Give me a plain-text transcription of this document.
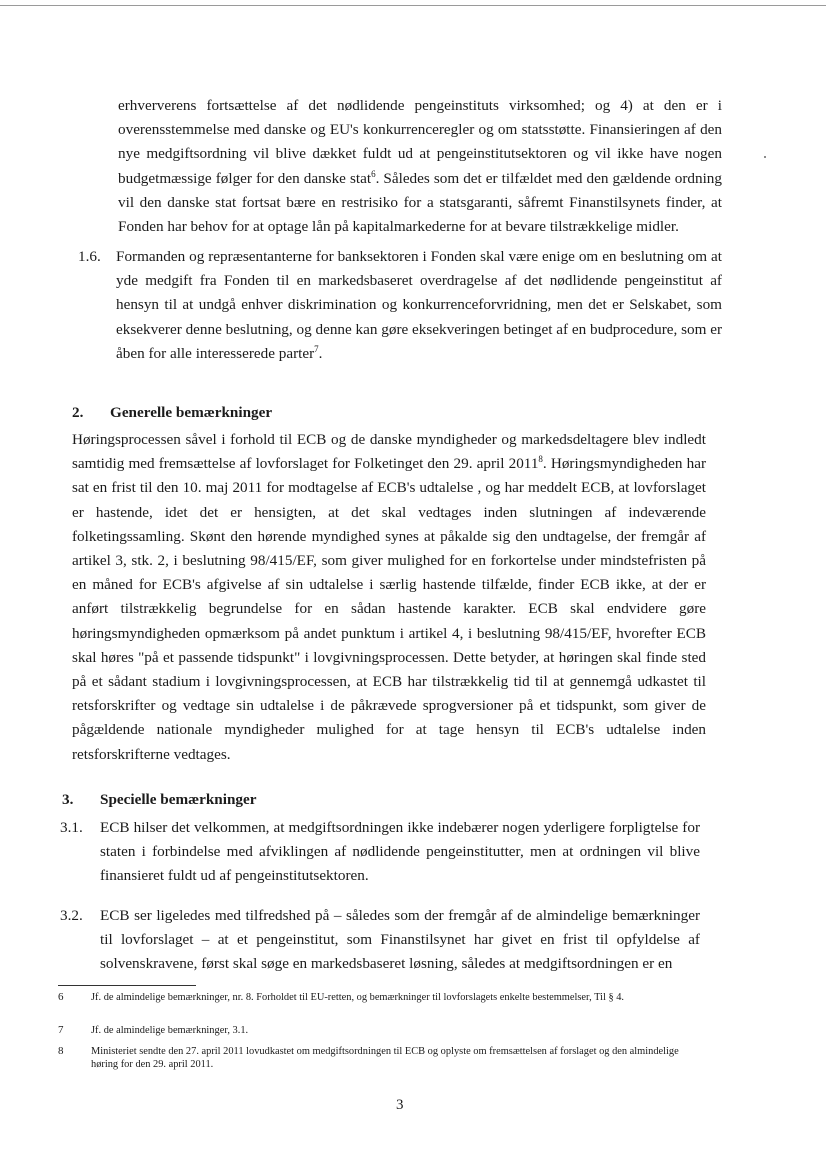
erhververens fortsættelse af det nødlidende pengeinstituts virksomhed; og 4) at den er i overensstemmelse med danske og EU's konkurrenceregler og om statsstøtte. Finansieringen af den nye medgiftsordning vil blive dækket fuldt ud at pengeinstitutsektoren og vil ikke have nogen budgetmæssige følger for den danske stat$^6$. Således som det er tilfældet med den gældende ordning vil den danske stat fortsat bære en restrisiko for a statsgaranti, såfremt Finanstilsynets finder, at Fonden har behov for at optage lån på kapitalmarkederne for at bevare tilstrækkelige midler.

1.6. Formanden og repræsentanterne for banksektoren i Fonden skal være enige om en beslutning om at yde medgift fra Fonden til en markedsbaseret overdragelse af det nødlidende pengeinstitut af hensyn til at undgå enhver diskrimination og konkurrenceforvridning, men det er Selskabet, som eksekverer denne beslutning, og denne kan gøre eksekveringen betinget af en budprocedure, som er åben for alle interesserede parter$^7$.

2. Generelle bemærkninger

Høringsprocessen såvel i forhold til ECB og de danske myndigheder og markedsdeltagere blev indledt samtidig med fremsættelse af lovforslaget for Folketinget den 29. april 2011$^8$. Høringsmyndigheden har sat en frist til den 10. maj 2011 for modtagelse af ECB's udtalelse , og har meddelt ECB, at lovforslaget er hastende, idet det er hensigten, at det skal vedtages inden slutningen af indeværende folketingssamling. Skønt den hørende myndighed synes at påkalde sig den undtagelse, der fremgår af artikel 3, stk. 2, i beslutning 98/415/EF, som giver mulighed for en forkortelse under mindstefristen på en måned for ECB's afgivelse af sin udtalelse i særlig hastende tilfælde, finder ECB ikke, at der er anført tilstrækkelig begrundelse for en sådan hastende karakter. ECB skal endvidere gøre høringsmyndigheden opmærksom på andet punktum i artikel 4, i beslutning 98/415/EF, hvorefter ECB skal høres "på et passende tidspunkt" i lovgivningsprocessen. Dette betyder, at høringen skal finde sted på et sådant stadium i lovgivningsprocessen, at ECB har tilstrækkelig tid til at gennemgå udkastet til retsforskrifter og vedtage sin udtalelse i de påkrævede sprogversioner på et tidspunkt, som giver de pågældende nationale myndigheder mulighed for at tage hensyn til ECB's udtalelse inden retsforskrifterne vedtages.

3. Specielle bemærkninger
3.1. ECB hilser det velkommen, at medgiftsordningen ikke indebærer nogen yderligere forpligtelse for staten i forbindelse med afviklingen af nødlidende pengeinstitutter, men at ordningen vil blive finansieret fuldt ud af pengeinstitutsektoren.

3.2. ECB ser ligeledes med tilfredshed på – således som der fremgår af de almindelige bemærkninger til lovforslaget – at et pengeinstitut, som Finanstilsynet har givet en frist til opfyldelse af solvenskravene, først skal søge en markedsbaseret løsning, således at medgiftsordningen er en

6	Jf. de almindelige bemærkninger, nr. 8. Forholdet til EU-retten, og bemærkninger til lovforslagets enkelte bestemmelser, Til § 4.
7	Jf. de almindelige bemærkninger, 3.1.
8	Ministeriet sendte den 27. april 2011 lovudkastet om medgiftsordningen til ECB og oplyste om fremsættelsen af forslaget og den almindelige høring for den 29. april 2011.
3
